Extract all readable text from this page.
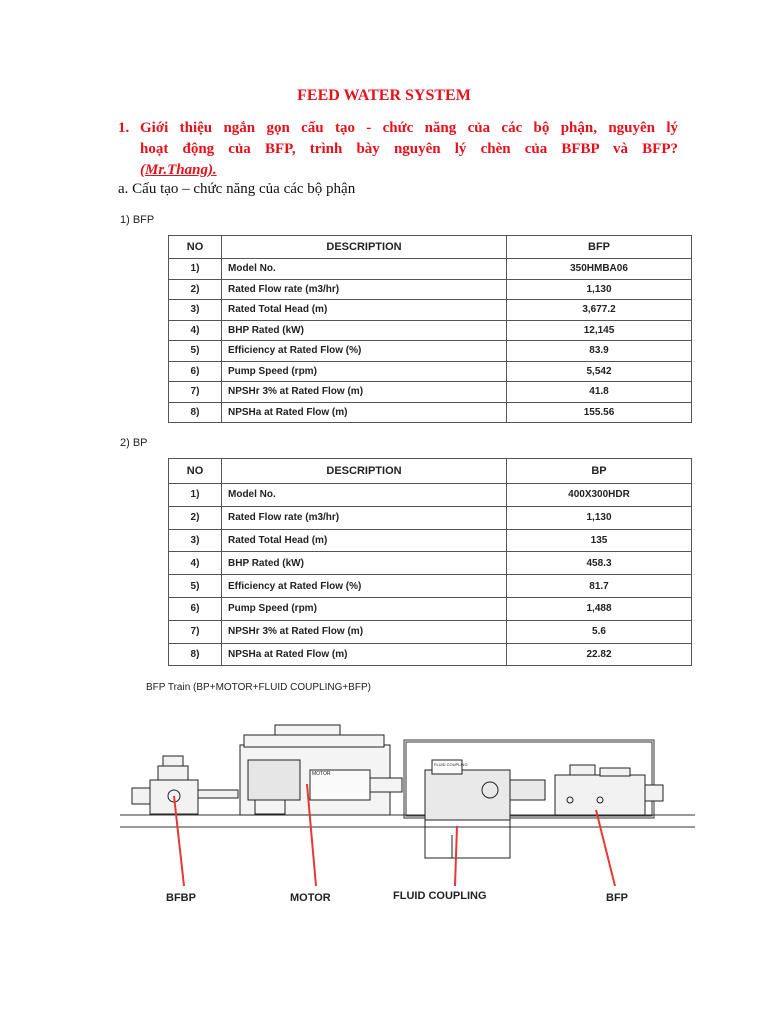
FEED WATER SYSTEM
1. Giới thiệu ngắn gọn cấu tạo - chức năng của các bộ phận, nguyên lý
hoạt động của BFP, trình bày nguyên lý chèn của BFBP và BFP?
(Mr.Thang).
a. Cấu tạo – chức năng của các bộ phận
1) BFP
NO	DESCRIPTION	BFP
1)	Model No.	350HMBA06
2)	Rated Flow rate (m3/hr)	1,130
3)	Rated Total Head (m)	3,677.2
4)	BHP Rated (kW)	12,145
5)	Efficiency at Rated Flow (%)	83.9
6)	Pump Speed (rpm)	5,542
7)	NPSHr 3% at Rated Flow (m)	41.8
8)	NPSHa at Rated Flow (m)	155.56
2) BP
NO	DESCRIPTION	BP
1)	Model No.	400X300HDR
2)	Rated Flow rate (m3/hr)	1,130
3)	Rated Total Head (m)	135
4)	BHP Rated (kW)	458.3
5)	Efficiency at Rated Flow (%)	81.7
6)	Pump Speed (rpm)	1,488
7)	NPSHr 3% at Rated Flow (m)	5.6
8)	NPSHa at Rated Flow (m)	22.82
BFP Train (BP+MOTOR+FLUID COUPLING+BFP)
MOTOR
FLUID COUPLING
BFBP	MOTOR	FLUID COUPLING	BFP
